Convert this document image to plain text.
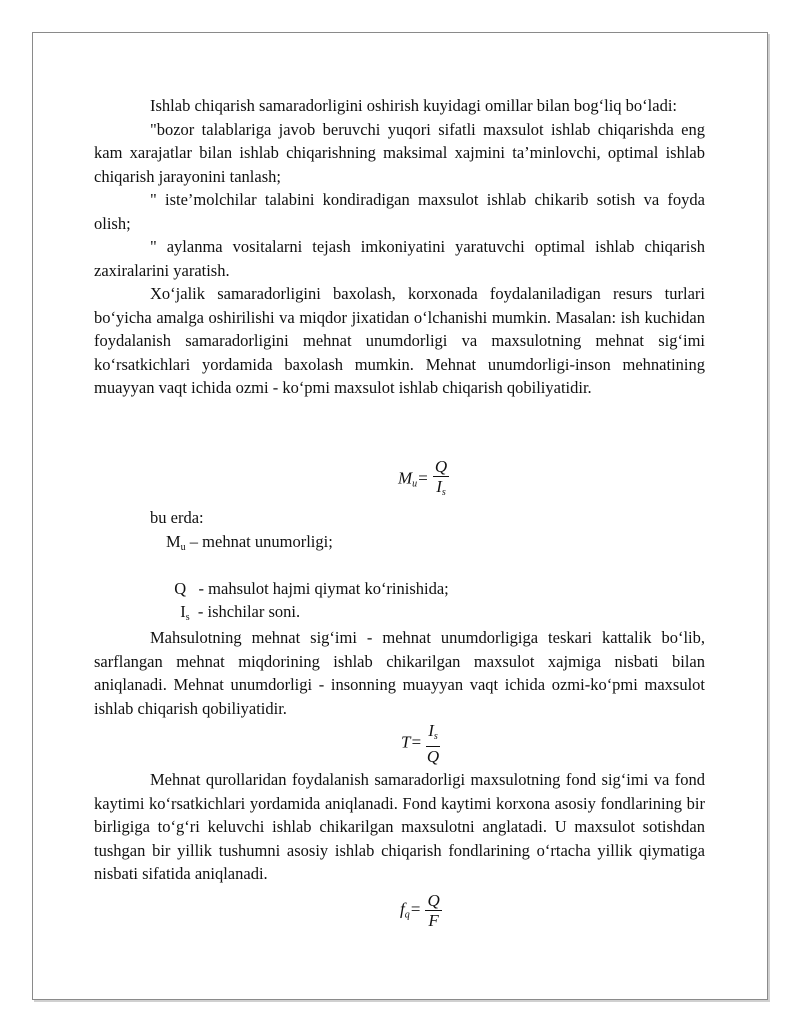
Ishlab chiqarish samaradorligini oshirish kuyidagi omillar bilan bog‘liq bo‘ladi:

"bozor talablariga javob beruvchi yuqori sifatli maxsulot ishlab chiqarishda eng kam xarajatlar bilan ishlab chiqarishning maksimal xajmini ta’minlovchi, optimal ishlab chiqarish jarayonini tanlash;

" iste’molchilar talabini kondiradigan maxsulot ishlab chikarib sotish va foyda olish;

" aylanma vositalarni tejash imkoniyatini yaratuvchi optimal ishlab chiqarish zaxiralarini yaratish.

Xo‘jalik samaradorligini baxolash, korxonada foydalaniladigan resurs turlari bo‘yicha amalga oshirilishi va miqdor jixatidan o‘lchanishi mumkin. Masalan: ish kuchidan foydalanish samaradorligini mehnat unumdorligi va maxsulotning mehnat sig‘imi ko‘rsatkichlari yordamida baxolash mumkin. Mehnat unumdorligi-inson mehnatining muayyan vaqt ichida ozmi - ko‘pmi maxsulot ishlab chiqarish qobiliyatidir.

$M_u= \frac{Q}{I_s}$
bu erda:
Mu – mehnat unumorligi;

Q   - mahsulot hajmi qiymat ko‘rinishida;

Is  - ishchilar soni.

Mahsulotning mehnat sig‘imi - mehnat unumdorligiga teskari kattalik bo‘lib, sarflangan mehnat miqdorining ishlab chikarilgan maxsulot xajmiga nisbati bilan aniqlanadi. Mehnat unumdorligi - insonning muayyan vaqt ichida ozmi-ko‘pmi maxsulot ishlab chiqarish qobiliyatidir.

$T= \frac{I_s}{Q}$

Mehnat qurollaridan foydalanish samaradorligi maxsulotning fond sig‘imi va fond kaytimi ko‘rsatkichlari yordamida aniqlanadi. Fond kaytimi korxona asosiy fondlarining bir birligiga to‘g‘ri keluvchi ishlab chikarilgan maxsulotni anglatadi. U maxsulot sotishdan tushgan bir yillik tushumni asosiy ishlab chiqarish fondlarining o‘rtacha yillik qiymatiga nisbati sifatida aniqlanadi.

$f_q= \frac{Q}{F}$
